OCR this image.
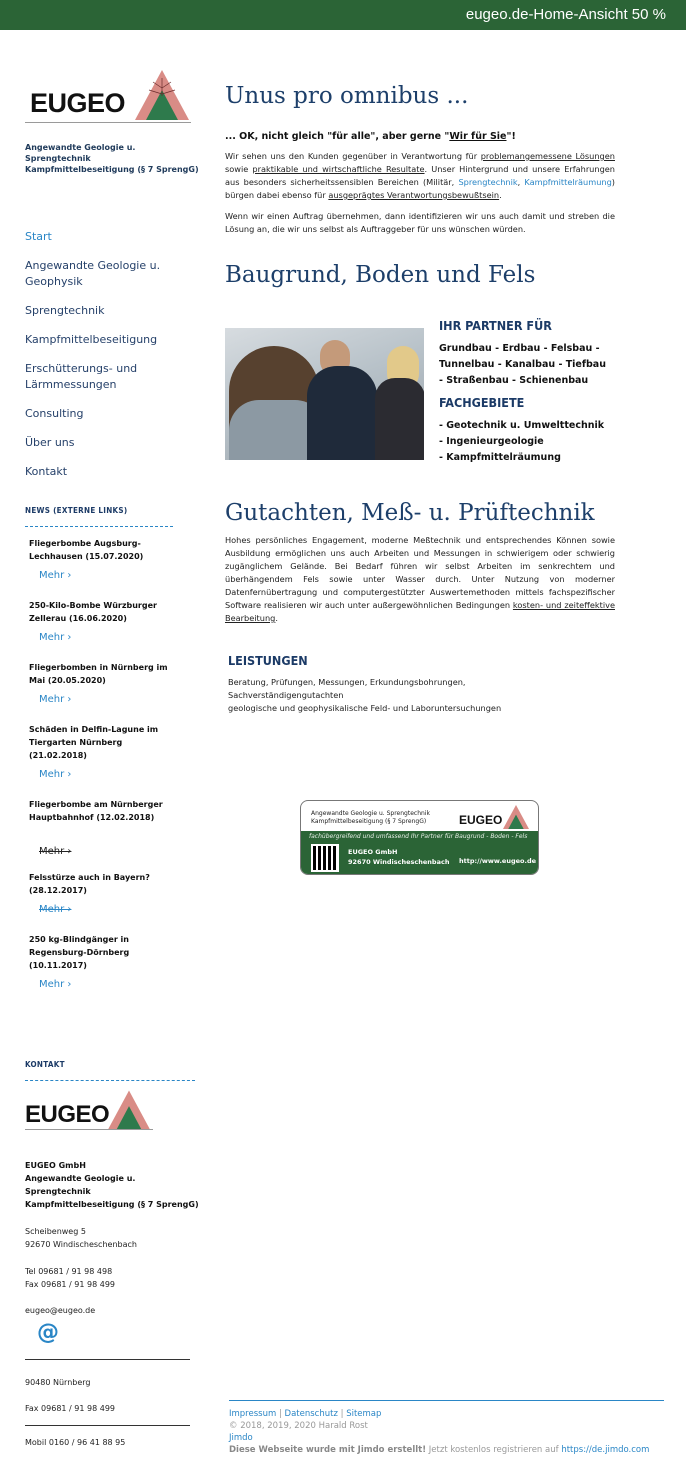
eugeo.de-Home-Ansicht 50 %
EUGEO
Angewandte Geologie u. Sprengtechnik
Kampfmittelbeseitigung (§ 7 SprengG)
Start
Angewandte Geologie u. Geophysik
Sprengtechnik
Kampfmittelbeseitigung
Erschütterungs- und Lärmmessungen
Consulting
Über uns
Kontakt
NEWS (EXTERNE LINKS)
Fliegerbombe Augsburg-Lechhausen (15.07.2020)
Mehr ›
250-Kilo-Bombe Würzburger Zellerau (16.06.2020)
Mehr ›
Fliegerbomben in Nürnberg im Mai (20.05.2020)
Mehr ›
Schäden in Delfin-Lagune im Tiergarten Nürnberg (21.02.2018)
Mehr ›
Fliegerbombe am Nürnberger Hauptbahnhof (12.02.2018)
Mehr ›
Felsstürze auch in Bayern? (28.12.2017)
Mehr ›
250 kg-Blindgänger in Regensburg-Dörnberg (10.11.2017)
Mehr ›
KONTAKT
EUGEO
EUGEO GmbH
Angewandte Geologie u. Sprengtechnik
Kampfmittelbeseitigung (§ 7 SprengG)
Scheibenweg 5
92670 Windischeschenbach
Tel 09681 / 91 98 498
Fax 09681 / 91 98 499
eugeo@eugeo.de
@
90480 Nürnberg
Fax 09681 / 91 98 499
Mobil 0160 / 96 41 88 95
Unus pro omnibus ...
... OK, nicht gleich "für alle", aber gerne "Wir für Sie"!

Wir sehen uns den Kunden gegenüber in Verantwortung für problemangemessene Lösungen sowie praktikable und wirtschaftliche Resultate. Unser Hintergrund und unsere Erfahrungen aus besonders sicherheitssensiblen Bereichen (Militär, Sprengtechnik, Kampfmittelräumung) bürgen dabei ebenso für ausgeprägtes Verantwortungsbewußtsein.

Wenn wir einen Auftrag übernehmen, dann identifizieren wir uns auch damit und streben die Lösung an, die wir uns selbst als Auftraggeber für uns wünschen würden.

Baugrund, Boden und Fels
IHR PARTNER FÜR
Grundbau - Erdbau - Felsbau -
Tunnelbau - Kanalbau - Tiefbau
- Straßenbau - Schienenbau
FACHGEBIETE
- Geotechnik u. Umwelttechnik
- Ingenieurgeologie
- Kampfmittelräumung
Gutachten, Meß- u. Prüftechnik

Hohes persönliches Engagement, moderne Meßtechnik und entsprechendes Können sowie Ausbildung ermöglichen uns auch Arbeiten und Messungen in schwierigem oder schwierig zugänglichem Gelände. Bei Bedarf führen wir selbst Arbeiten im senkrechtem und überhängendem Fels sowie unter Wasser durch. Unter Nutzung von moderner Datenfernübertragung und computergestützter Auswertemethoden mittels fachspezifischer Software realisieren wir auch unter außergewöhnlichen Bedingungen kosten- und zeiteffektive Bearbeitung.

LEISTUNGEN
Beratung, Prüfungen, Messungen, Erkundungsbohrungen,
Sachverständigengutachten
geologische und geophysikalische Feld- und Laboruntersuchungen
Angewandte Geologie u. Sprengtechnik
Kampfmittelbeseitigung (§ 7 SprengG)	EUGEO
fachübergreifend und umfassend Ihr Partner für Baugrund - Boden - Fels
EUGEO GmbH
92670 Windischeschenbach http://www.eugeo.de
Impressum | Datenschutz | Sitemap
© 2018, 2019, 2020 Harald Rost
Jimdo
Diese Webseite wurde mit Jimdo erstellt! Jetzt kostenlos registrieren auf https://de.jimdo.com
